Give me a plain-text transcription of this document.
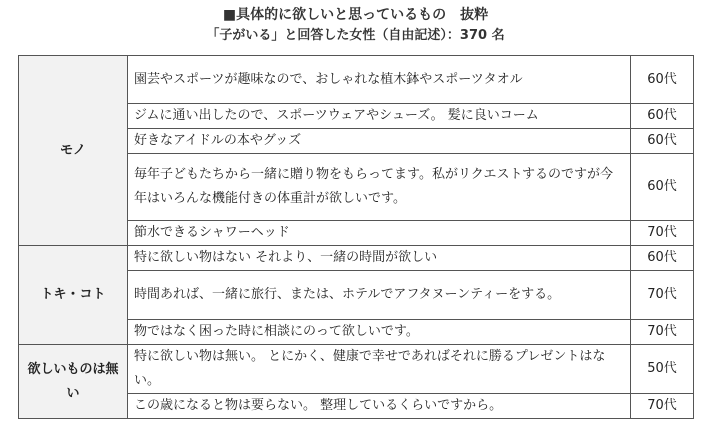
■具体的に欲しいと思っているもの　抜粋
「子がいる」と回答した女性（自由記述）：370 名
モノ	園芸やスポーツが趣味なので、おしゃれな植木鉢やスポーツタオル	60代
	ジムに通い出したので、スポーツウェアやシューズ。 髪に良いコーム	60代
	好きなアイドルの本やグッズ	60代
	毎年子どもたちから一緒に贈り物をもらってます。私がリクエストするのですが今年はいろんな機能付きの体重計が欲しいです。	60代
	節水できるシャワーヘッド	70代
トキ・コト	特に欲しい物はない それより、一緒の時間が欲しい	60代
	時間あれば、一緒に旅行、または、ホテルでアフタヌーンティーをする。	70代
	物ではなく困った時に相談にのって欲しいです。	70代
欲しいものは無い	特に欲しい物は無い。 とにかく、健康で幸せであればそれに勝るプレゼントはない。	50代
	この歳になると物は要らない。 整理しているくらいですから。	70代
